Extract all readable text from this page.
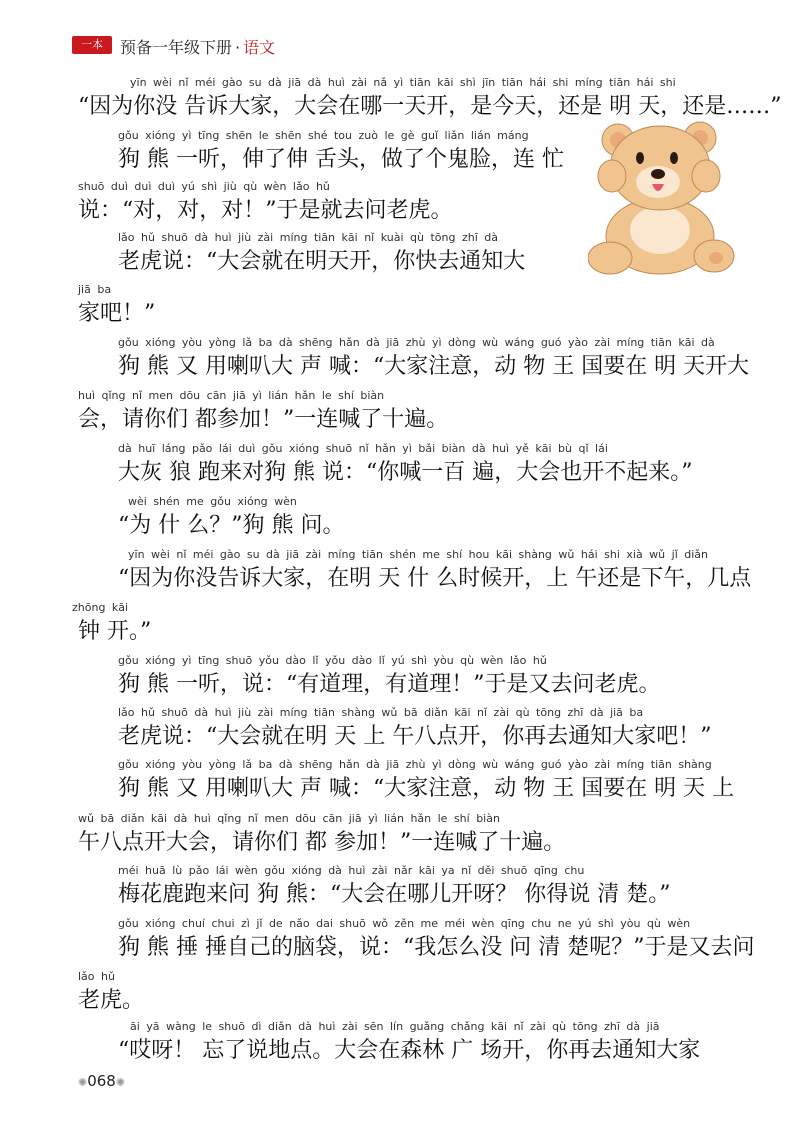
一本	预备一年级下册 · 语文
yīn wèi nǐ méi gào su dà jiā dà huì zài nǎ yì tiān kāi shì jīn tiān hái shi míng tiān hái shi
“因为你没 告诉大家，大会在哪一天开，是今天，还是 明 天，还是……”
gǒu xióng yì tīng shēn le shēn shé tou zuò le gè guǐ liǎn lián máng
狗 熊 一听，伸了伸 舌头，做了个鬼脸，连 忙
shuō duì duì duì yú shì jiù qù wèn lǎo hǔ
说：“对，对，对！”于是就去问老虎。
lǎo hǔ shuō dà huì jiù zài míng tiān kāi nǐ kuài qù tōng zhī dà
老虎说：“大会就在明天开，你快去通知大
jiā ba
家吧！”
gǒu xióng yòu yòng lǎ ba dà shēng hǎn dà jiā zhù yì dòng wù wáng guó yào zài míng tiān kāi dà
狗 熊 又 用喇叭大 声 喊：“大家注意，动 物 王 国要在 明 天开大
huì qǐng nǐ men dōu cān jiā yì lián hǎn le shí biàn
会，请你们 都参加！”一连喊了十遍。
dà huī láng pǎo lái duì gǒu xióng shuō nǐ hǎn yì bǎi biàn dà huì yě kāi bù qǐ lái
大灰 狼 跑来对狗 熊 说：“你喊一百 遍，大会也开不起来。”
wèi shén me gǒu xióng wèn
“为 什 么？”狗 熊 问。
yīn wèi nǐ méi gào su dà jiā zài míng tiān shén me shí hou kāi shàng wǔ hái shi xià wǔ jǐ diǎn
“因为你没告诉大家，在明 天 什 么时候开，上 午还是下午，几点
zhōng kāi
钟 开。”
gǒu xióng yì tīng shuō yǒu dào lǐ yǒu dào lǐ yú shì yòu qù wèn lǎo hǔ
狗 熊 一听，说：“有道理，有道理！”于是又去问老虎。
lǎo hǔ shuō dà huì jiù zài míng tiān shàng wǔ bā diǎn kāi nǐ zài qù tōng zhī dà jiā ba
老虎说：“大会就在明 天 上 午八点开，你再去通知大家吧！”
gǒu xióng yòu yòng lǎ ba dà shēng hǎn dà jiā zhù yì dòng wù wáng guó yào zài míng tiān shàng
狗 熊 又 用喇叭大 声 喊：“大家注意，动 物 王 国要在 明 天 上
wǔ bā diǎn kāi dà huì qǐng nǐ men dōu cān jiā yì lián hǎn le shí biàn
午八点开大会，请你们 都 参加！”一连喊了十遍。
méi huā lù pǎo lái wèn gǒu xióng dà huì zài nǎr kāi ya nǐ děi shuō qīng chu
梅花鹿跑来问 狗 熊：“大会在哪儿开呀？ 你得说 清 楚。”
gǒu xióng chuí chui zì jǐ de nǎo dai shuō wǒ zěn me méi wèn qīng chu ne yú shì yòu qù wèn
狗 熊 捶 捶自己的脑袋，说：“我怎么没 问 清 楚呢？”于是又去问
lǎo hǔ
老虎。
āi yā wàng le shuō dì diǎn dà huì zài sēn lín guǎng chǎng kāi nǐ zài qù tōng zhī dà jiā
“哎呀！ 忘了说地点。大会在森林 广 场开，你再去通知大家
✺068✺
